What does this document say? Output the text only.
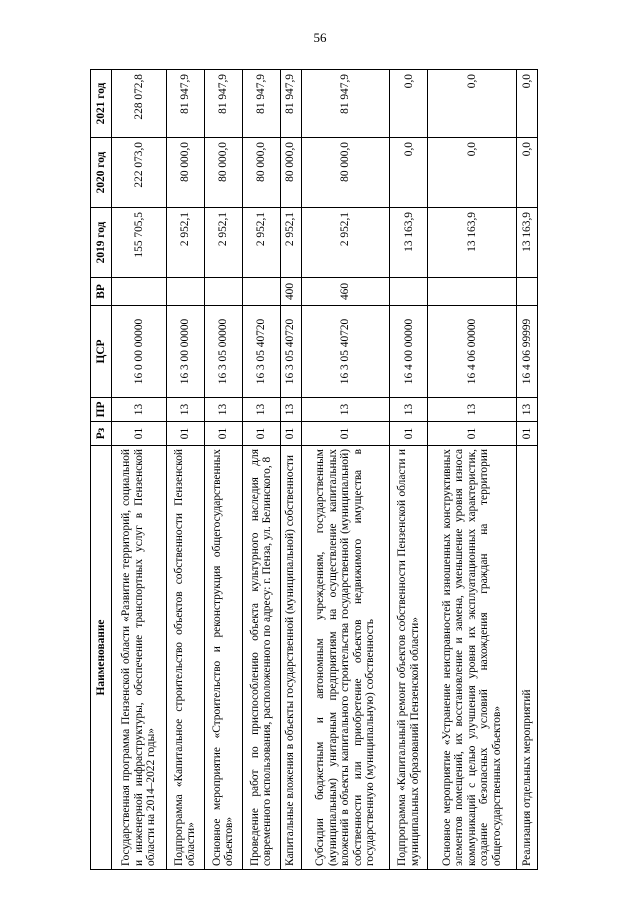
56
Наименование	Рз	ПР	ЦСР	ВР	2019 год	2020 год	2021 год
Государственная программа Пензенской области «Развитие территорий, социальной и инженерной инфраструктуры, обеспечение транспортных услуг в Пензенской области на 2014–2022 годы»	01	13	16 0 00 00000		155 705,5	222 073,0	228 072,8
Подпрограмма «Капитальное строительство объектов собственности Пензенской области»	01	13	16 3 00 00000		2 952,1	80 000,0	81 947,9
Основное мероприятие «Строительство и реконструкция общегосударственных объектов»	01	13	16 3 05 00000		2 952,1	80 000,0	81 947,9
Проведение работ по приспособлению объекта культурного наследия для современного использования, расположенного по адресу: г. Пенза, ул. Белинского, 8	01	13	16 3 05 40720		2 952,1	80 000,0	81 947,9
Капитальные вложения в объекты государственной (муниципальной) собственности	01	13	16 3 05 40720	400	2 952,1	80 000,0	81 947,9
Субсидии бюджетным и автономным учреждениям, государственным (муниципальным) унитарным предприятиям на осуществление капитальных вложений в объекты капитального строительства государственной (муниципальной) собственности или приобретение объектов недвижимого имущества в государственную (муниципальную) собственность	01	13	16 3 05 40720	460	2 952,1	80 000,0	81 947,9
Подпрограмма «Капитальный ремонт объектов собственности Пензенской области и муниципальных образований Пензенской области»	01	13	16 4 00 00000		13 163,9	0,0	0,0
Основное мероприятие «Устранение неисправностей изношенных конструктивных элементов помещений, их восстановление и замена, уменьшение уровня износа коммуникаций с целью улучшения уровня их эксплуатационных характеристик, создание безопасных условий нахождения граждан на территории общегосударственных объектов»	01	13	16 4 06 00000		13 163,9	0,0	0,0
Реализация отдельных мероприятий	01	13	16 4 06 99999		13 163,9	0,0	0,0
